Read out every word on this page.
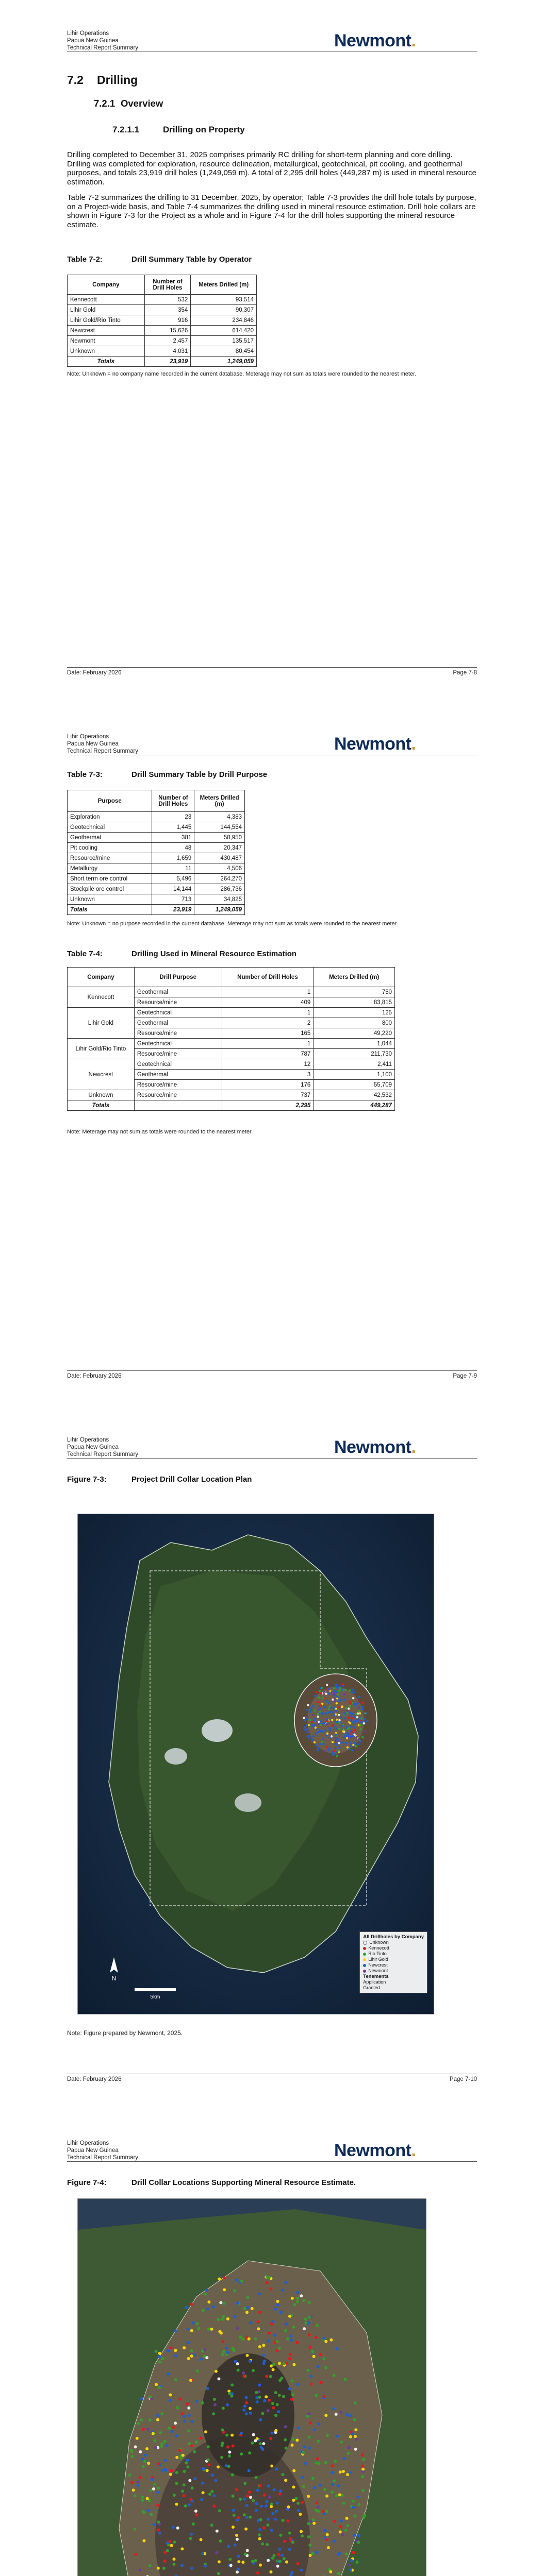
Lihir Operations
Papua New Guinea
Technical Report Summary	Newmont.
7.2 Drilling
7.2.1 Overview
7.2.1.1	Drilling on Property
Drilling completed to December 31, 2025 comprises primarily RC drilling for short-term planning and core drilling. Drilling was completed for exploration, resource delineation, metallurgical, geotechnical, pit cooling, and geothermal purposes, and totals 23,919 drill holes (1,249,059 m). A total of 2,295 drill holes (449,287 m) is used in mineral resource estimation.
Table 7-2 summarizes the drilling to 31 December, 2025, by operator; Table 7-3 provides the drill hole totals by purpose, on a Project-wide basis, and Table 7-4 summarizes the drilling used in mineral resource estimation. Drill hole collars are shown in Figure 7-3 for the Project as a whole and in Figure 7-4 for the drill holes supporting the mineral resource estimate.
Table 7-2:	Drill Summary Table by Operator
Company	Number of Drill Holes	Meters Drilled (m)
Kennecott	532	93,514
Lihir Gold	354	90,307
Lihir Gold/Rio Tinto	916	234,846
Newcrest	15,626	614,420
Newmont	2,457	135,517
Unknown	4,031	80,454
Totals	23,919	1,249,059
Note: Unknown = no company name recorded in the current database. Meterage may not sum as totals were rounded to the nearest meter.
Date: February 2026	Page 7-8
Lihir Operations
Papua New Guinea
Technical Report Summary	Newmont.
Table 7-3:	Drill Summary Table by Drill Purpose
Purpose	Number of Drill Holes	Meters Drilled (m)
Exploration	23	4,383
Geotechnical	1,445	144,554
Geothermal	381	58,950
Pit cooling	48	20,347
Resource/mine	1,659	430,487
Metallurgy	11	4,506
Short term ore control	5,496	264,270
Stockpile ore control	14,144	286,736
Unknown	713	34,825
Totals	23,919	1,249,059
Note: Unknown = no purpose recorded in the current database. Meterage may not sum as totals were rounded to the nearest meter.
Table 7-4:	Drilling Used in Mineral Resource Estimation
Company	Drill Purpose	Number of Drill Holes	Meters Drilled (m)
Kennecott	Geothermal	1	750
	Resource/mine	409	83,815
Lihir Gold	Geotechnical	1	125
	Geothermal	2	800
	Resource/mine	165	49,220
Lihir Gold/Rio Tinto	Geotechnical	1	1,044
	Resource/mine	787	211,730
Newcrest	Geotechnical	12	2,411
	Geothermal	3	1,100
	Resource/mine	176	55,709
Unknown	Resource/mine	737	42,532
Totals		2,295	449,287
Note: Meterage may not sum as totals were rounded to the nearest meter.
Date: February 2026	Page 7-9
Lihir Operations
Papua New Guinea
Technical Report Summary	Newmont.
Figure 7-3:	Project Drill Collar Location Plan
N
5km
All Drillholes by Company
Unknown
Kennecott
Rio Tinto
Lihir Gold
Newcrest
Newmont
Tenements
Application
Granted
Note: Figure prepared by Newmont, 2025.
Date: February 2026	Page 7-10
Lihir Operations
Papua New Guinea
Technical Report Summary	Newmont.
Figure 7-4:	Drill Collar Locations Supporting Mineral Resource Estimate.
